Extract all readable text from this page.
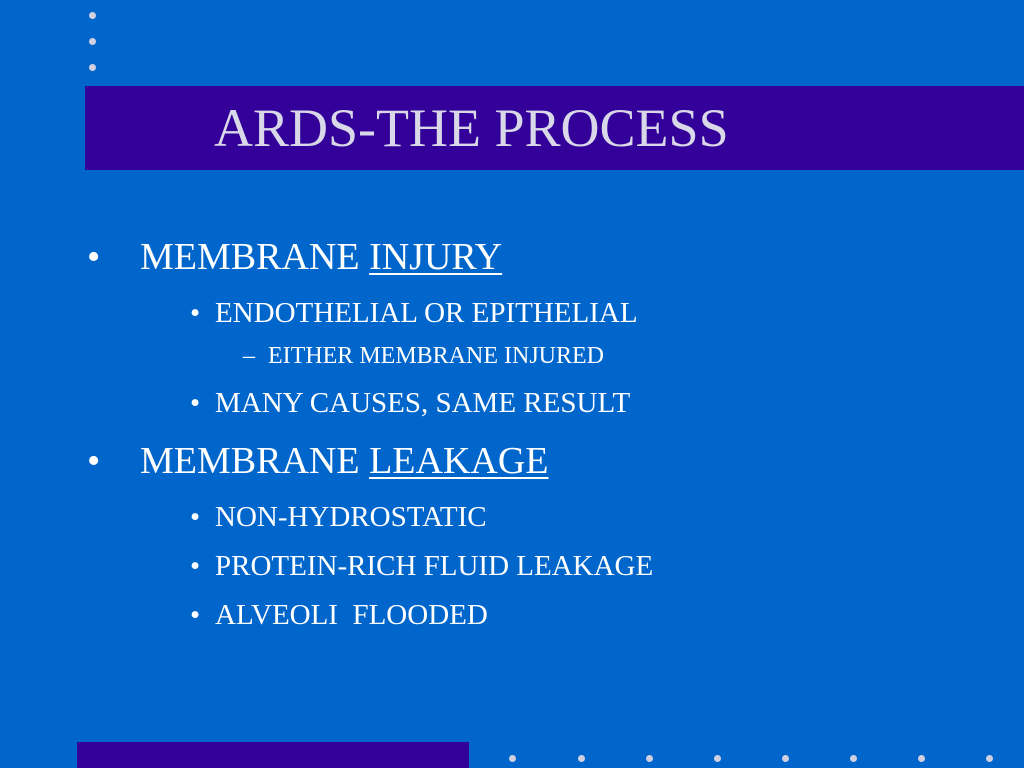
ARDS-THE PROCESS
• MEMBRANE INJURY
• ENDOTHELIAL OR EPITHELIAL
– EITHER MEMBRANE INJURED
• MANY CAUSES, SAME RESULT
• MEMBRANE LEAKAGE
• NON-HYDROSTATIC
• PROTEIN-RICH FLUID LEAKAGE
• ALVEOLI  FLOODED
